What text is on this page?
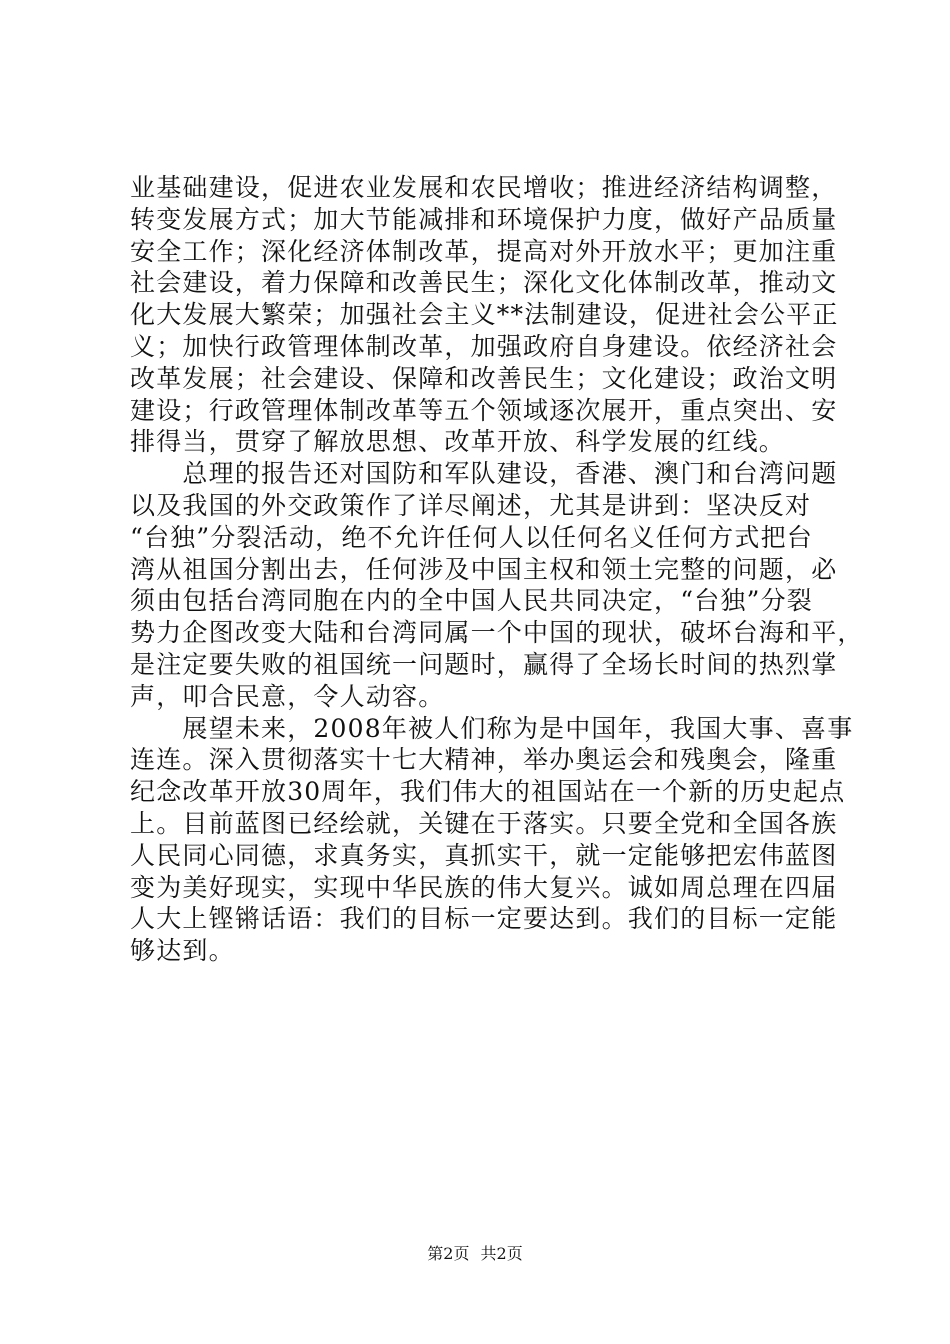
业基础建设，促进农业发展和农民增收；推进经济结构调整，
转变发展方式；加大节能减排和环境保护力度，做好产品质量
安全工作；深化经济体制改革，提高对外开放水平；更加注重
社会建设，着力保障和改善民生；深化文化体制改革，推动文
化大发展大繁荣；加强社会主义**法制建设，促进社会公平正
义；加快行政管理体制改革，加强政府自身建设。依经济社会
改革发展；社会建设、保障和改善民生；文化建设；政治文明
建设；行政管理体制改革等五个领域逐次展开，重点突出、安
排得当，贯穿了解放思想、改革开放、科学发展的红线。
　　总理的报告还对国防和军队建设，香港、澳门和台湾问题
以及我国的外交政策作了详尽阐述，尤其是讲到：坚决反对
“台独”分裂活动，绝不允许任何人以任何名义任何方式把台
湾从祖国分割出去，任何涉及中国主权和领土完整的问题，必
须由包括台湾同胞在内的全中国人民共同决定，“台独”分裂
势力企图改变大陆和台湾同属一个中国的现状，破坏台海和平，
是注定要失败的祖国统一问题时，赢得了全场长时间的热烈掌
声，叩合民意，令人动容。
　　展望未来，2008年被人们称为是中国年，我国大事、喜事
连连。深入贯彻落实十七大精神，举办奥运会和残奥会，隆重
纪念改革开放30周年，我们伟大的祖国站在一个新的历史起点
上。目前蓝图已经绘就，关键在于落实。只要全党和全国各族
人民同心同德，求真务实，真抓实干，就一定能够把宏伟蓝图
变为美好现实，实现中华民族的伟大复兴。诚如周总理在四届
人大上铿锵话语：我们的目标一定要达到。我们的目标一定能
够达到。
第2页 共2页
